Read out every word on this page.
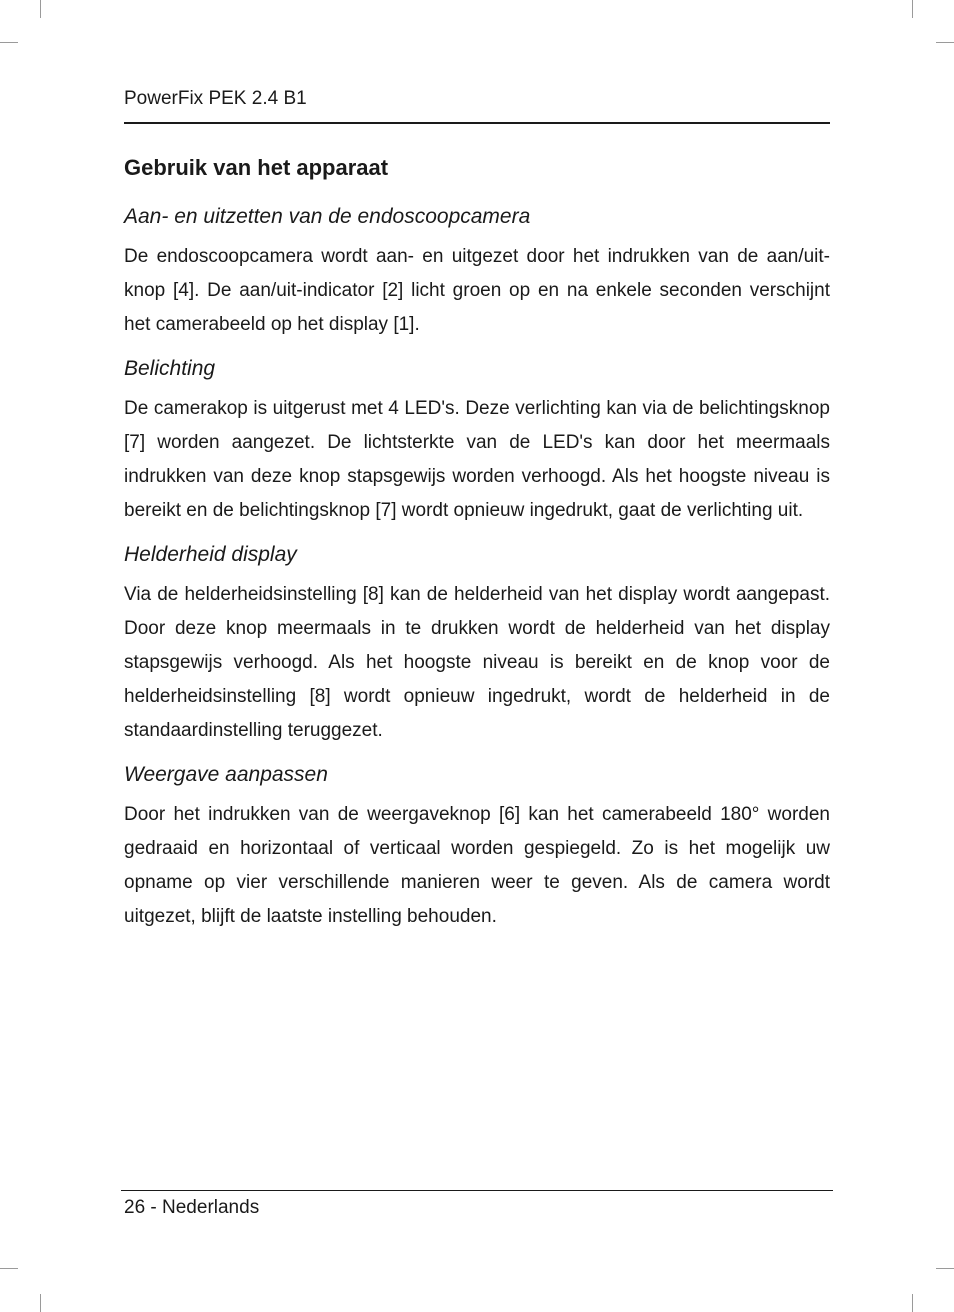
PowerFix PEK 2.4 B1
Gebruik van het apparaat
Aan- en uitzetten van de endoscoopcamera

De endoscoopcamera wordt aan- en uitgezet door het indrukken van de aan/uit-knop [4]. De aan/uit-indicator [2] licht groen op en na enkele seconden verschijnt het camerabeeld op het display [1].

Belichting

De camerakop is uitgerust met 4 LED's. Deze verlichting kan via de belichtingsknop [7] worden aangezet. De lichtsterkte van de LED's kan door het meermaals indrukken van deze knop stapsgewijs worden verhoogd. Als het hoogste niveau is bereikt en de belichtingsknop [7] wordt opnieuw ingedrukt, gaat de verlichting uit.

Helderheid display

Via de helderheidsinstelling [8] kan de helderheid van het display wordt aangepast. Door deze knop meermaals in te drukken wordt de helderheid van het display stapsgewijs verhoogd. Als het hoogste niveau is bereikt en de knop voor de helderheidsinstelling [8] wordt opnieuw ingedrukt, wordt de helderheid in de standaardinstelling teruggezet.

Weergave aanpassen

Door het indrukken van de weergaveknop [6] kan het camerabeeld 180° worden gedraaid en horizontaal of verticaal worden gespiegeld. Zo is het mogelijk uw opname op vier verschillende manieren weer te geven. Als de camera wordt uitgezet, blijft de laatste instelling behouden.

26 - Nederlands
